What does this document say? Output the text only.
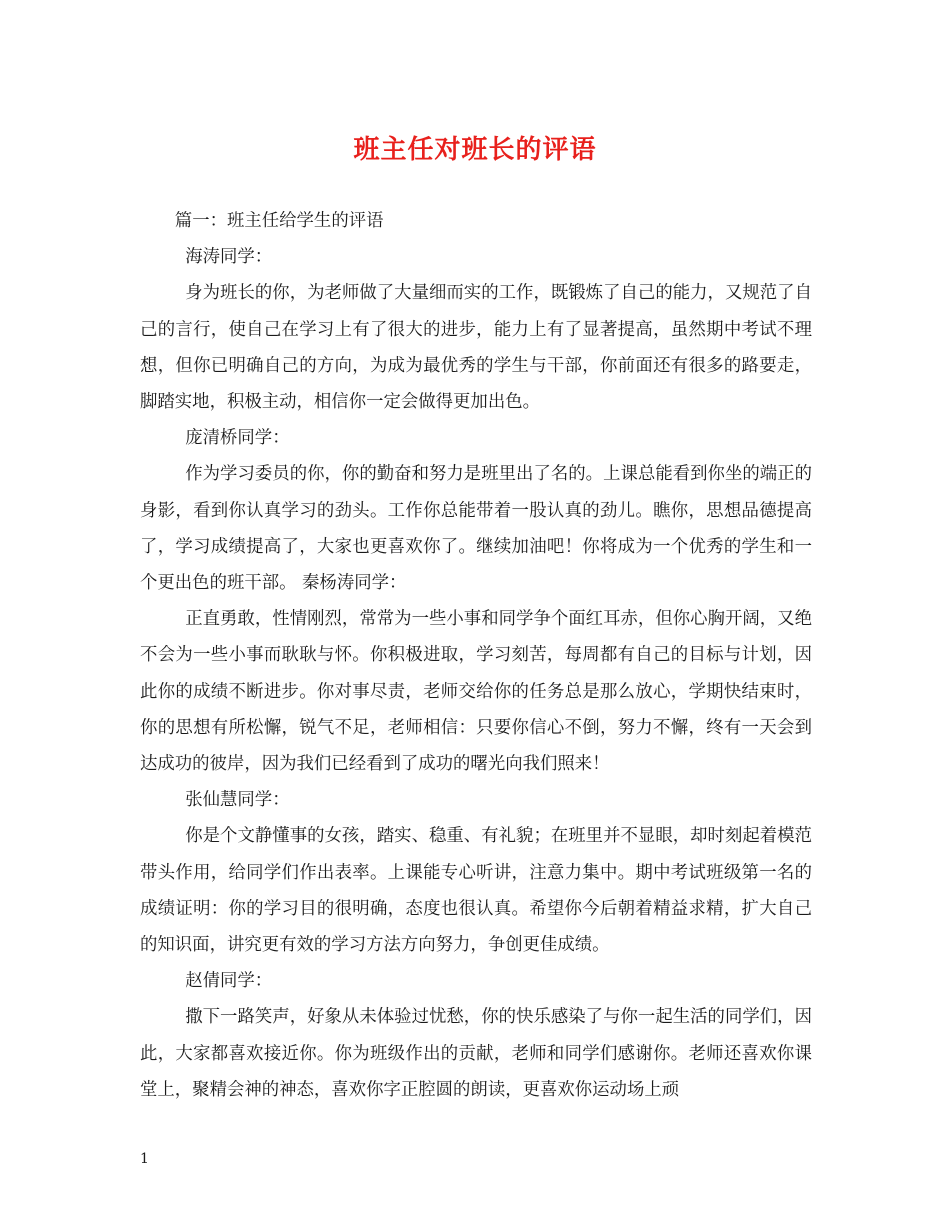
班主任对班长的评语

篇一：班主任给学生的评语

海涛同学：

身为班长的你，为老师做了大量细而实的工作，既锻炼了自己的能力，又规范了自己的言行，使自己在学习上有了很大的进步，能力上有了显著提高，虽然期中考试不理想，但你已明确自己的方向，为成为最优秀的学生与干部，你前面还有很多的路要走，脚踏实地，积极主动，相信你一定会做得更加出色。

庞清桥同学：

作为学习委员的你，你的勤奋和努力是班里出了名的。上课总能看到你坐的端正的身影，看到你认真学习的劲头。工作你总能带着一股认真的劲儿。瞧你，思想品德提高了，学习成绩提高了，大家也更喜欢你了。继续加油吧！你将成为一个优秀的学生和一个更出色的班干部。 秦杨涛同学：

正直勇敢，性情刚烈，常常为一些小事和同学争个面红耳赤，但你心胸开阔，又绝不会为一些小事而耿耿与怀。你积极进取，学习刻苦，每周都有自己的目标与计划，因此你的成绩不断进步。你对事尽责，老师交给你的任务总是那么放心，学期快结束时，你的思想有所松懈，锐气不足，老师相信：只要你信心不倒，努力不懈，终有一天会到达成功的彼岸，因为我们已经看到了成功的曙光向我们照来！

张仙慧同学：

你是个文静懂事的女孩，踏实、稳重、有礼貌；在班里并不显眼，却时刻起着模范带头作用，给同学们作出表率。上课能专心听讲，注意力集中。期中考试班级第一名的成绩证明：你的学习目的很明确，态度也很认真。希望你今后朝着精益求精，扩大自己的知识面，讲究更有效的学习方法方向努力，争创更佳成绩。

赵倩同学：

撒下一路笑声，好象从未体验过忧愁，你的快乐感染了与你一起生活的同学们，因此，大家都喜欢接近你。你为班级作出的贡献，老师和同学们感谢你。老师还喜欢你课堂上，聚精会神的神态，喜欢你字正腔圆的朗读，更喜欢你运动场上顽

1
